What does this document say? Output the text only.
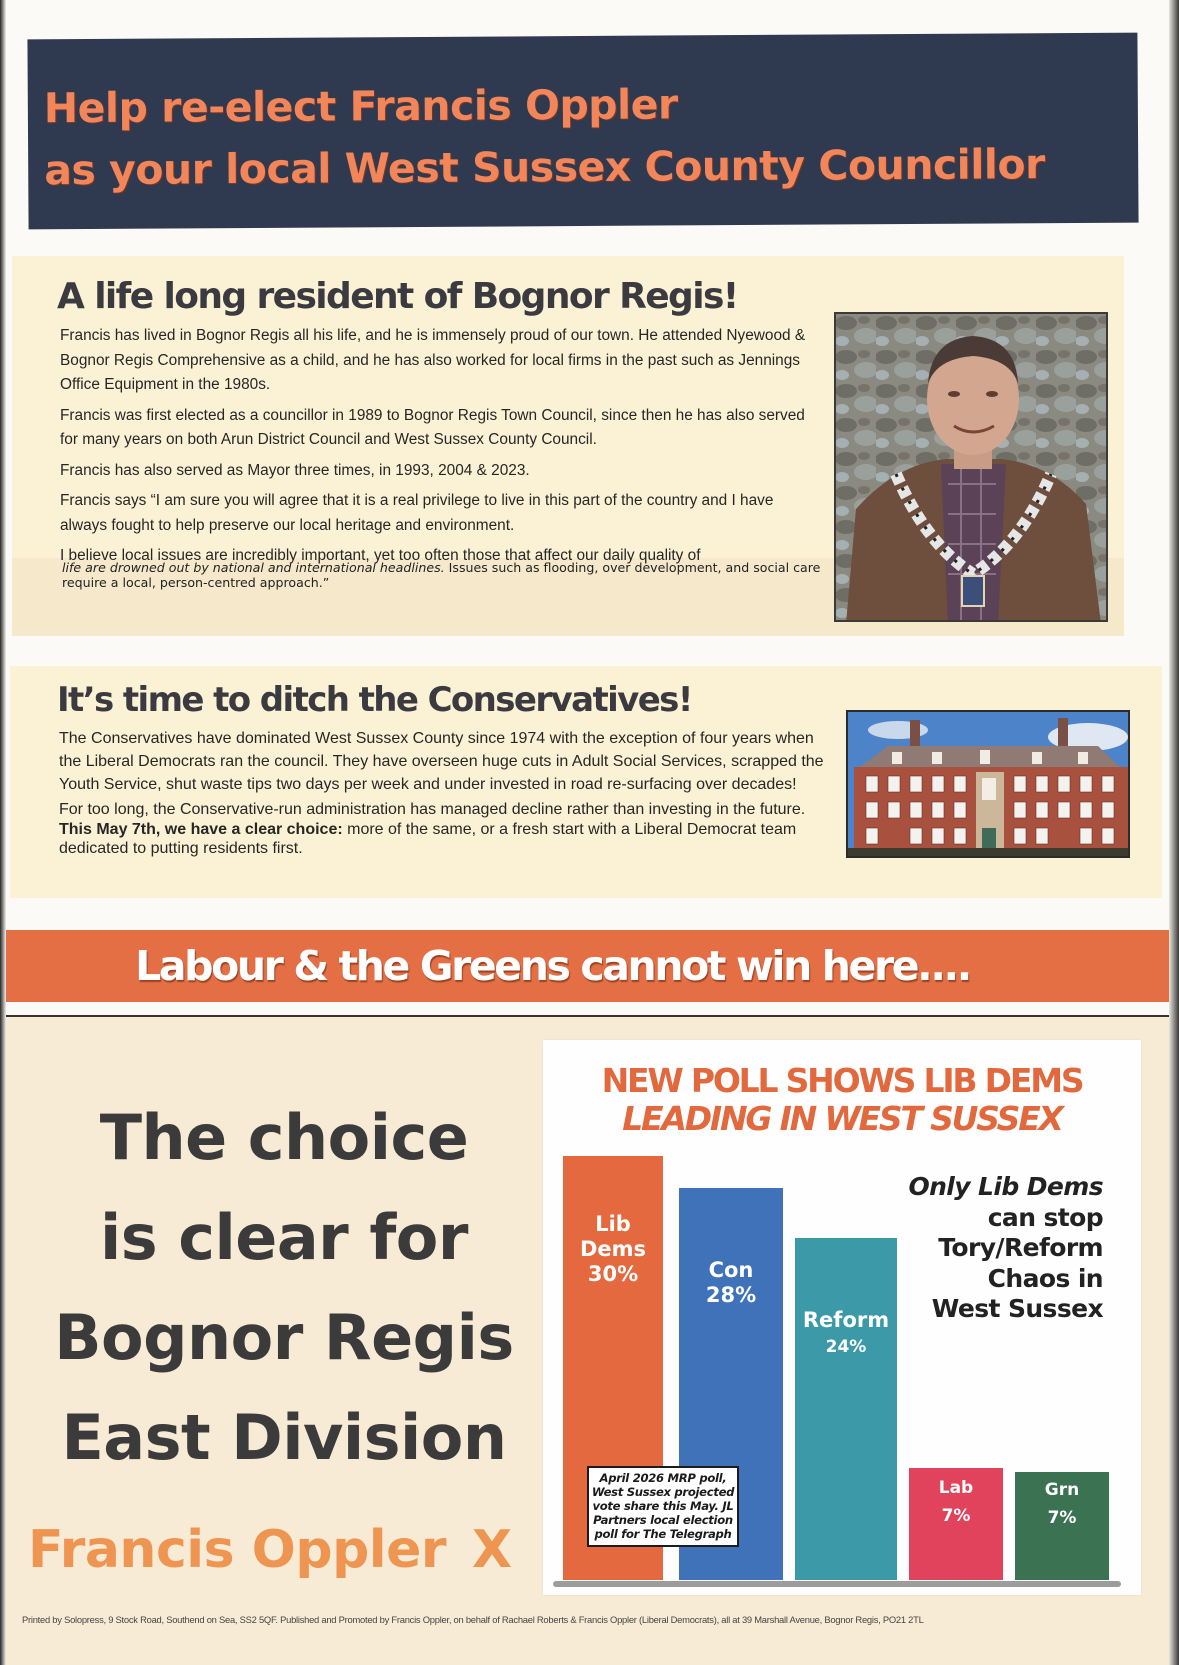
Help re-elect Francis Oppler
as your local West Sussex County Councillor
A life long resident of Bognor Regis!

Francis has lived in Bognor Regis all his life, and he is immensely proud of our town. He attended Nyewood & Bognor Regis Comprehensive as a child, and he has also worked for local firms in the past such as Jennings Office Equipment in the 1980s.

Francis was first elected as a councillor in 1989 to Bognor Regis Town Council, since then he has also served for many years on both Arun District Council and West Sussex County Council.

Francis has also served as Mayor three times, in 1993, 2004 & 2023.

Francis says “I am sure you will agree that it is a real privilege to live in this part of the country and I have always fought to help preserve our local heritage and environment.

I believe local issues are incredibly important, yet too often those that affect our daily quality of

life are drowned out by national and international headlines. Issues such as flooding, over development, and social care require a local, person-centred approach.”
It’s time to ditch the Conservatives!

The Conservatives have dominated West Sussex County since 1974 with the exception of four years when the Liberal Democrats ran the council. They have overseen huge cuts in Adult Social Services, scrapped the Youth Service, shut waste tips two days per week and under invested in road re-surfacing over decades!

For too long, the Conservative-run administration has managed decline rather than investing in the future. This May 7th, we have a clear choice: more of the same, or a fresh start with a Liberal Democrat team dedicated to putting residents first.

Labour & the Greens cannot win here....
The choice
is clear for
Bognor Regis
East Division
Francis Oppler X
NEW POLL SHOWS LIB DEMS
LEADING IN WEST SUSSEX
Only Lib Dems
can stop
Tory/Reform
Chaos in
West Sussex
Lib
Dems
30%	Con
28%
Reform
24%
Lab
7%
Grn
7%
April 2026 MRP poll, West Sussex projected vote share this May. JL Partners local election poll for The Telegraph
Printed by Solopress, 9 Stock Road, Southend on Sea, SS2 5QF. Published and Promoted by Francis Oppler, on behalf of Rachael Roberts & Francis Oppler (Liberal Democrats), all at 39 Marshall Avenue, Bognor Regis, PO21 2TL
